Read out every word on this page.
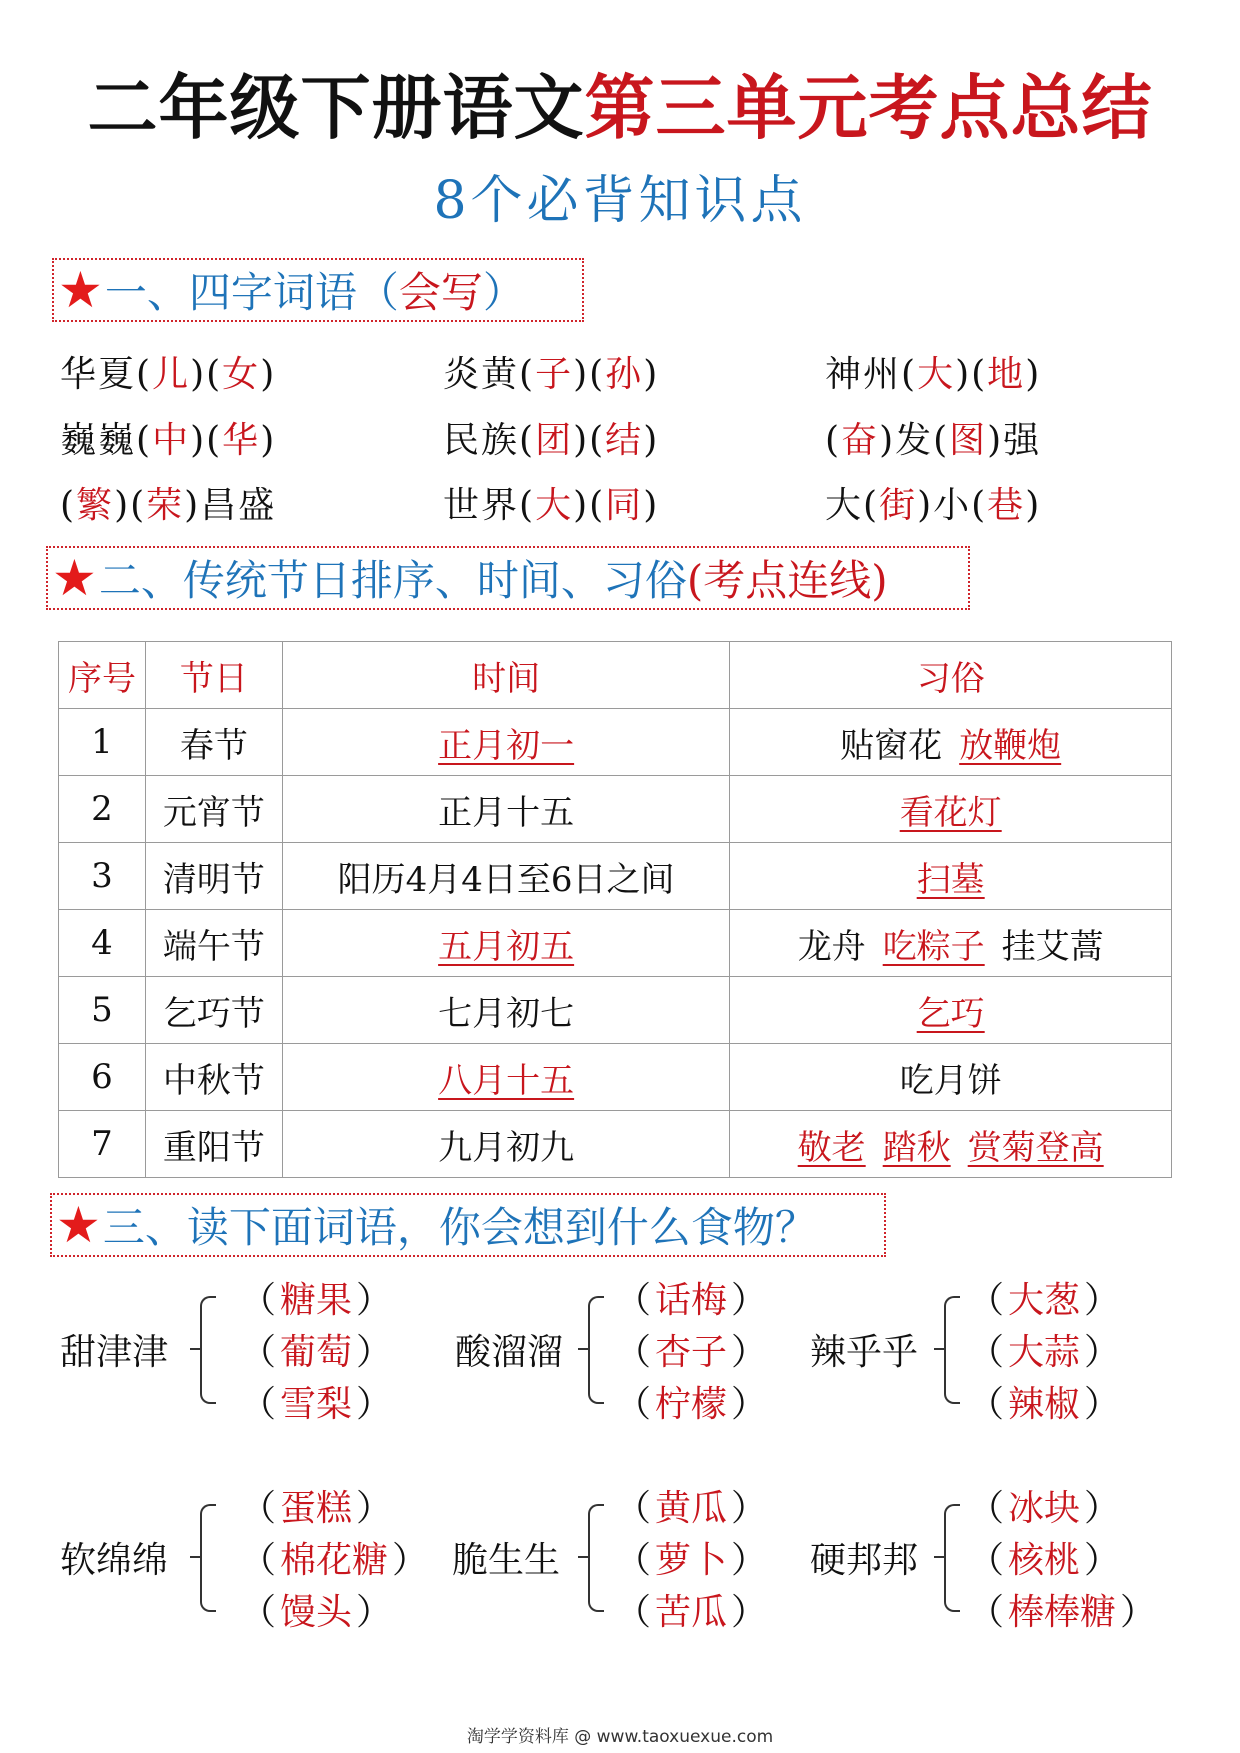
二年级下册语文第三单元考点总结
8个必背知识点
★ 一、四字词语 （ 会写 ）
华夏(儿)(女)	炎黄(子)(孙)	神州(大)(地)
巍巍(中)(华)	民族(团)(结)	(奋)发(图)强
(繁)(荣)昌盛	世界(大)(同)	大(街)小(巷)
★ 二、传统节日排序、时间、习俗 (考点连线)
序号	节日	时间	习俗
1	春节	正月初一	贴窗花  放鞭炮
2	元宵节	正月十五	看花灯
3	清明节	阳历4月4日至6日之间	扫墓
4	端午节	五月初五	龙舟  吃粽子  挂艾蒿
5	乞巧节	七月初七	乞巧
6	中秋节	八月十五	吃月饼
7	重阳节	九月初九	敬老  踏秋  赏菊登高
★ 三、读下面词语，你会想到什么食物？
甜津津
（ 糖果 ）
（ 葡萄 ）
（ 雪梨 ）
酸溜溜
（ 话梅 ）
（ 杏子 ）
（ 柠檬 ）
辣乎乎
（ 大葱 ）
（ 大蒜 ）
（ 辣椒 ）
软绵绵
（ 蛋糕 ）
（ 棉花糖 ）
（ 馒头 ）
脆生生
（ 黄瓜 ）
（ 萝卜 ）
（ 苦瓜 ）
硬邦邦
（ 冰块 ）
（ 核桃 ）
（ 棒棒糖 ）
淘学学资料库 @ www.taoxuexue.com
